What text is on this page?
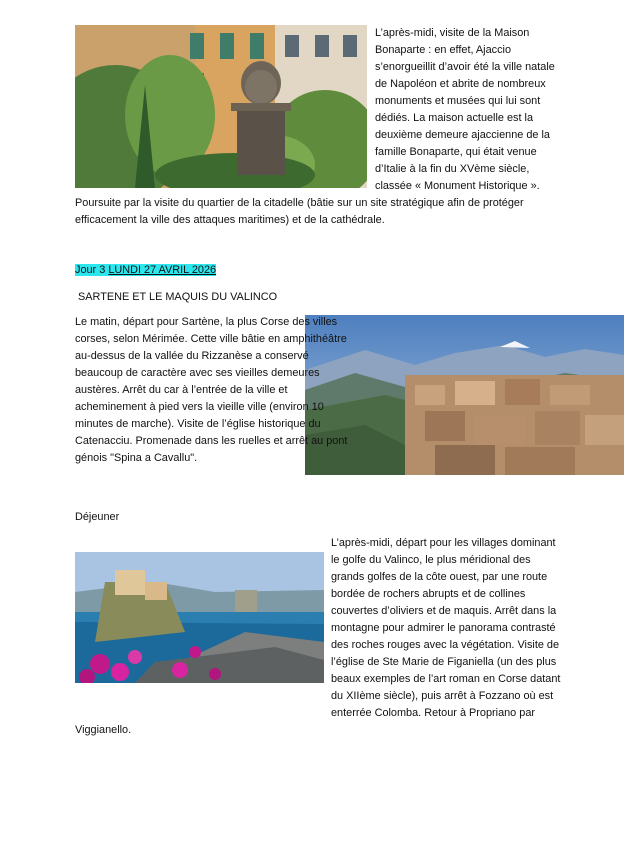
L’après-midi, visite de la Maison Bonaparte : en effet, Ajaccio s’enorgueillit d’avoir été la ville natale de Napoléon et abrite de nombreux monuments et musées qui lui sont dédiés. La maison actuelle est la deuxième demeure ajaccienne de la famille Bonaparte, qui était venue d’Italie à la fin du XVème siècle, classée « Monument Historique ». Poursuite par la visite du quartier de la citadelle (bâtie sur un site stratégique afin de protéger efficacement la ville des attaques maritimes) et de la cathédrale.
Jour 3 LUNDI 27 AVRIL 2026
SARTENE ET LE MAQUIS DU VALINCO
Le matin, départ pour Sartène, la plus Corse des villes corses, selon Mérimée. Cette ville bâtie en amphithéâtre au-dessus de la vallée du Rizzanèse a conservé beaucoup de caractère avec ses vieilles demeures austères. Arrêt du car à l’entrée de la ville et acheminement à pied vers la vieille ville (environ 10 minutes de marche). Visite de l’église historique du Catenacciu. Promenade dans les ruelles et arrêt au pont génois "Spina a Cavallu".
Déjeuner
L’après-midi, départ pour les villages dominant le golfe du Valinco, le plus méridional des grands golfes de la côte ouest, par une route bordée de rochers abrupts et de collines couvertes d’oliviers et de maquis. Arrêt dans la montagne pour admirer le panorama contrasté des roches rouges avec la végétation. Visite de l’église de Ste Marie de Figaniella (un des plus beaux exemples de l’art roman en Corse datant du XIIème siècle), puis arrêt à Fozzano où est enterrée Colomba. Retour à Propriano par Viggianello.
